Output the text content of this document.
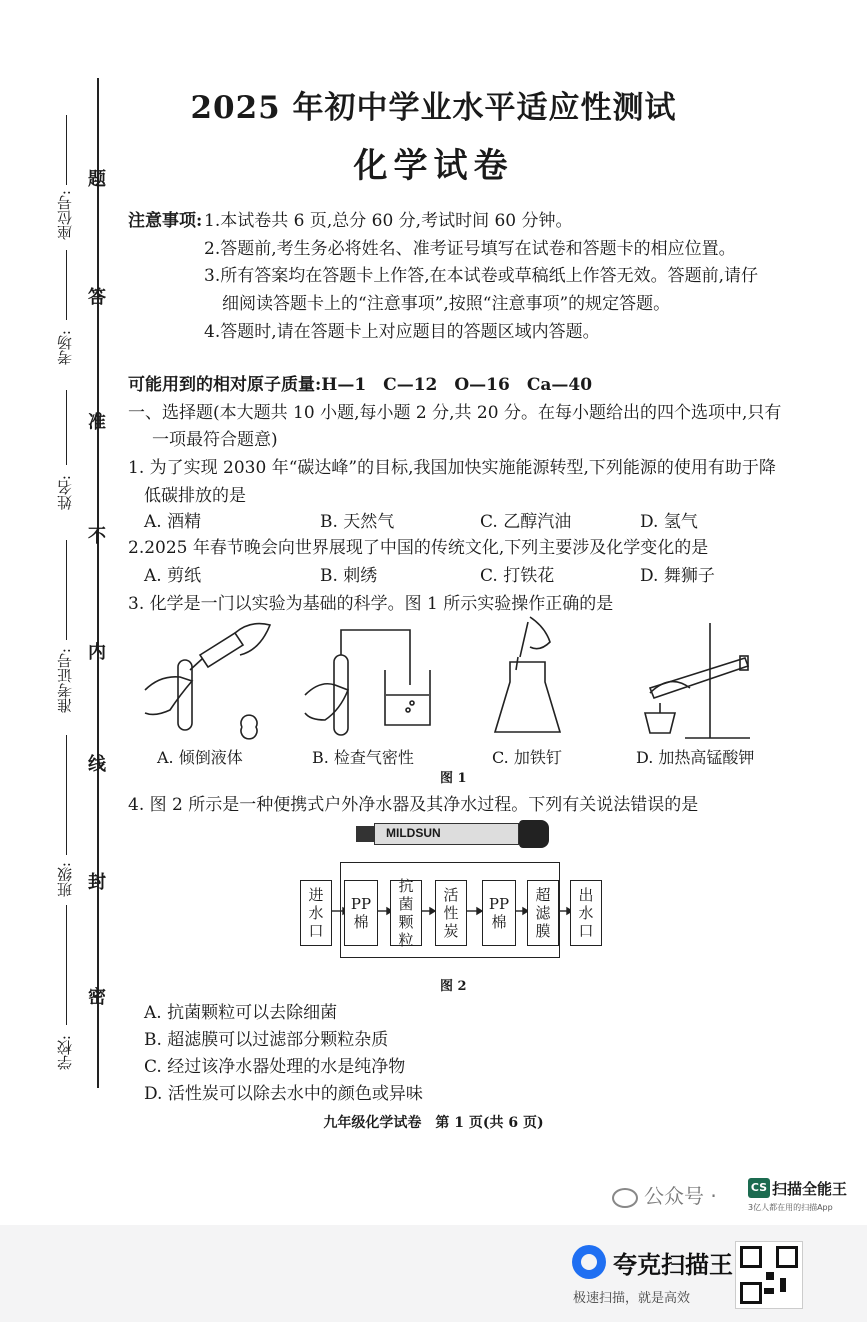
座位号:
考场:
姓名:
准考证号:
班级:
学校:
密
封
线
内
不
准
答
题
2025 年初中学业水平适应性测试
化学试卷
注意事项: 1.本试卷共 6 页,总分 60 分,考试时间 60 分钟。
2.答题前,考生务必将姓名、准考证号填写在试卷和答题卡的相应位置。
3.所有答案均在答题卡上作答,在本试卷或草稿纸上作答无效。答题前,请仔
细阅读答题卡上的“注意事项”,按照“注意事项”的规定答题。
4.答题时,请在答题卡上对应题目的答题区域内答题。
可能用到的相对原子质量:H—1　C—12　O—16　Ca—40
一、选择题(本大题共 10 小题,每小题 2 分,共 20 分。在每小题给出的四个选项中,只有
一项最符合题意)
1. 为了实现 2030 年“碳达峰”的目标,我国加快实施能源转型,下列能源的使用有助于降
低碳排放的是
A. 酒精	B. 天然气	C. 乙醇汽油	D. 氢气
2.2025 年春节晚会向世界展现了中国的传统文化,下列主要涉及化学变化的是
A. 剪纸	B. 刺绣	C. 打铁花	D. 舞狮子
3. 化学是一门以实验为基础的科学。图 1 所示实验操作正确的是
A. 倾倒液体	B. 检查气密性	C. 加铁钉	D. 加热高锰酸钾
图 1
4. 图 2 所示是一种便携式户外净水器及其净水过程。下列有关说法错误的是
MILDSUN
进
水
口
PP
棉
抗
菌
颗
粒
活
性
炭
PP
棉
超
滤
膜
出
水
口
图 2
A. 抗菌颗粒可以去除细菌
B. 超滤膜可以过滤部分颗粒杂质
C. 经过该净水器处理的水是纯净物
D. 活性炭可以除去水中的颜色或异味
九年级化学试卷　第 1 页(共 6 页)
公众号 ·	CS 扫描全能王
3亿人都在用的扫描App
夸克扫描王
极速扫描，就是高效
